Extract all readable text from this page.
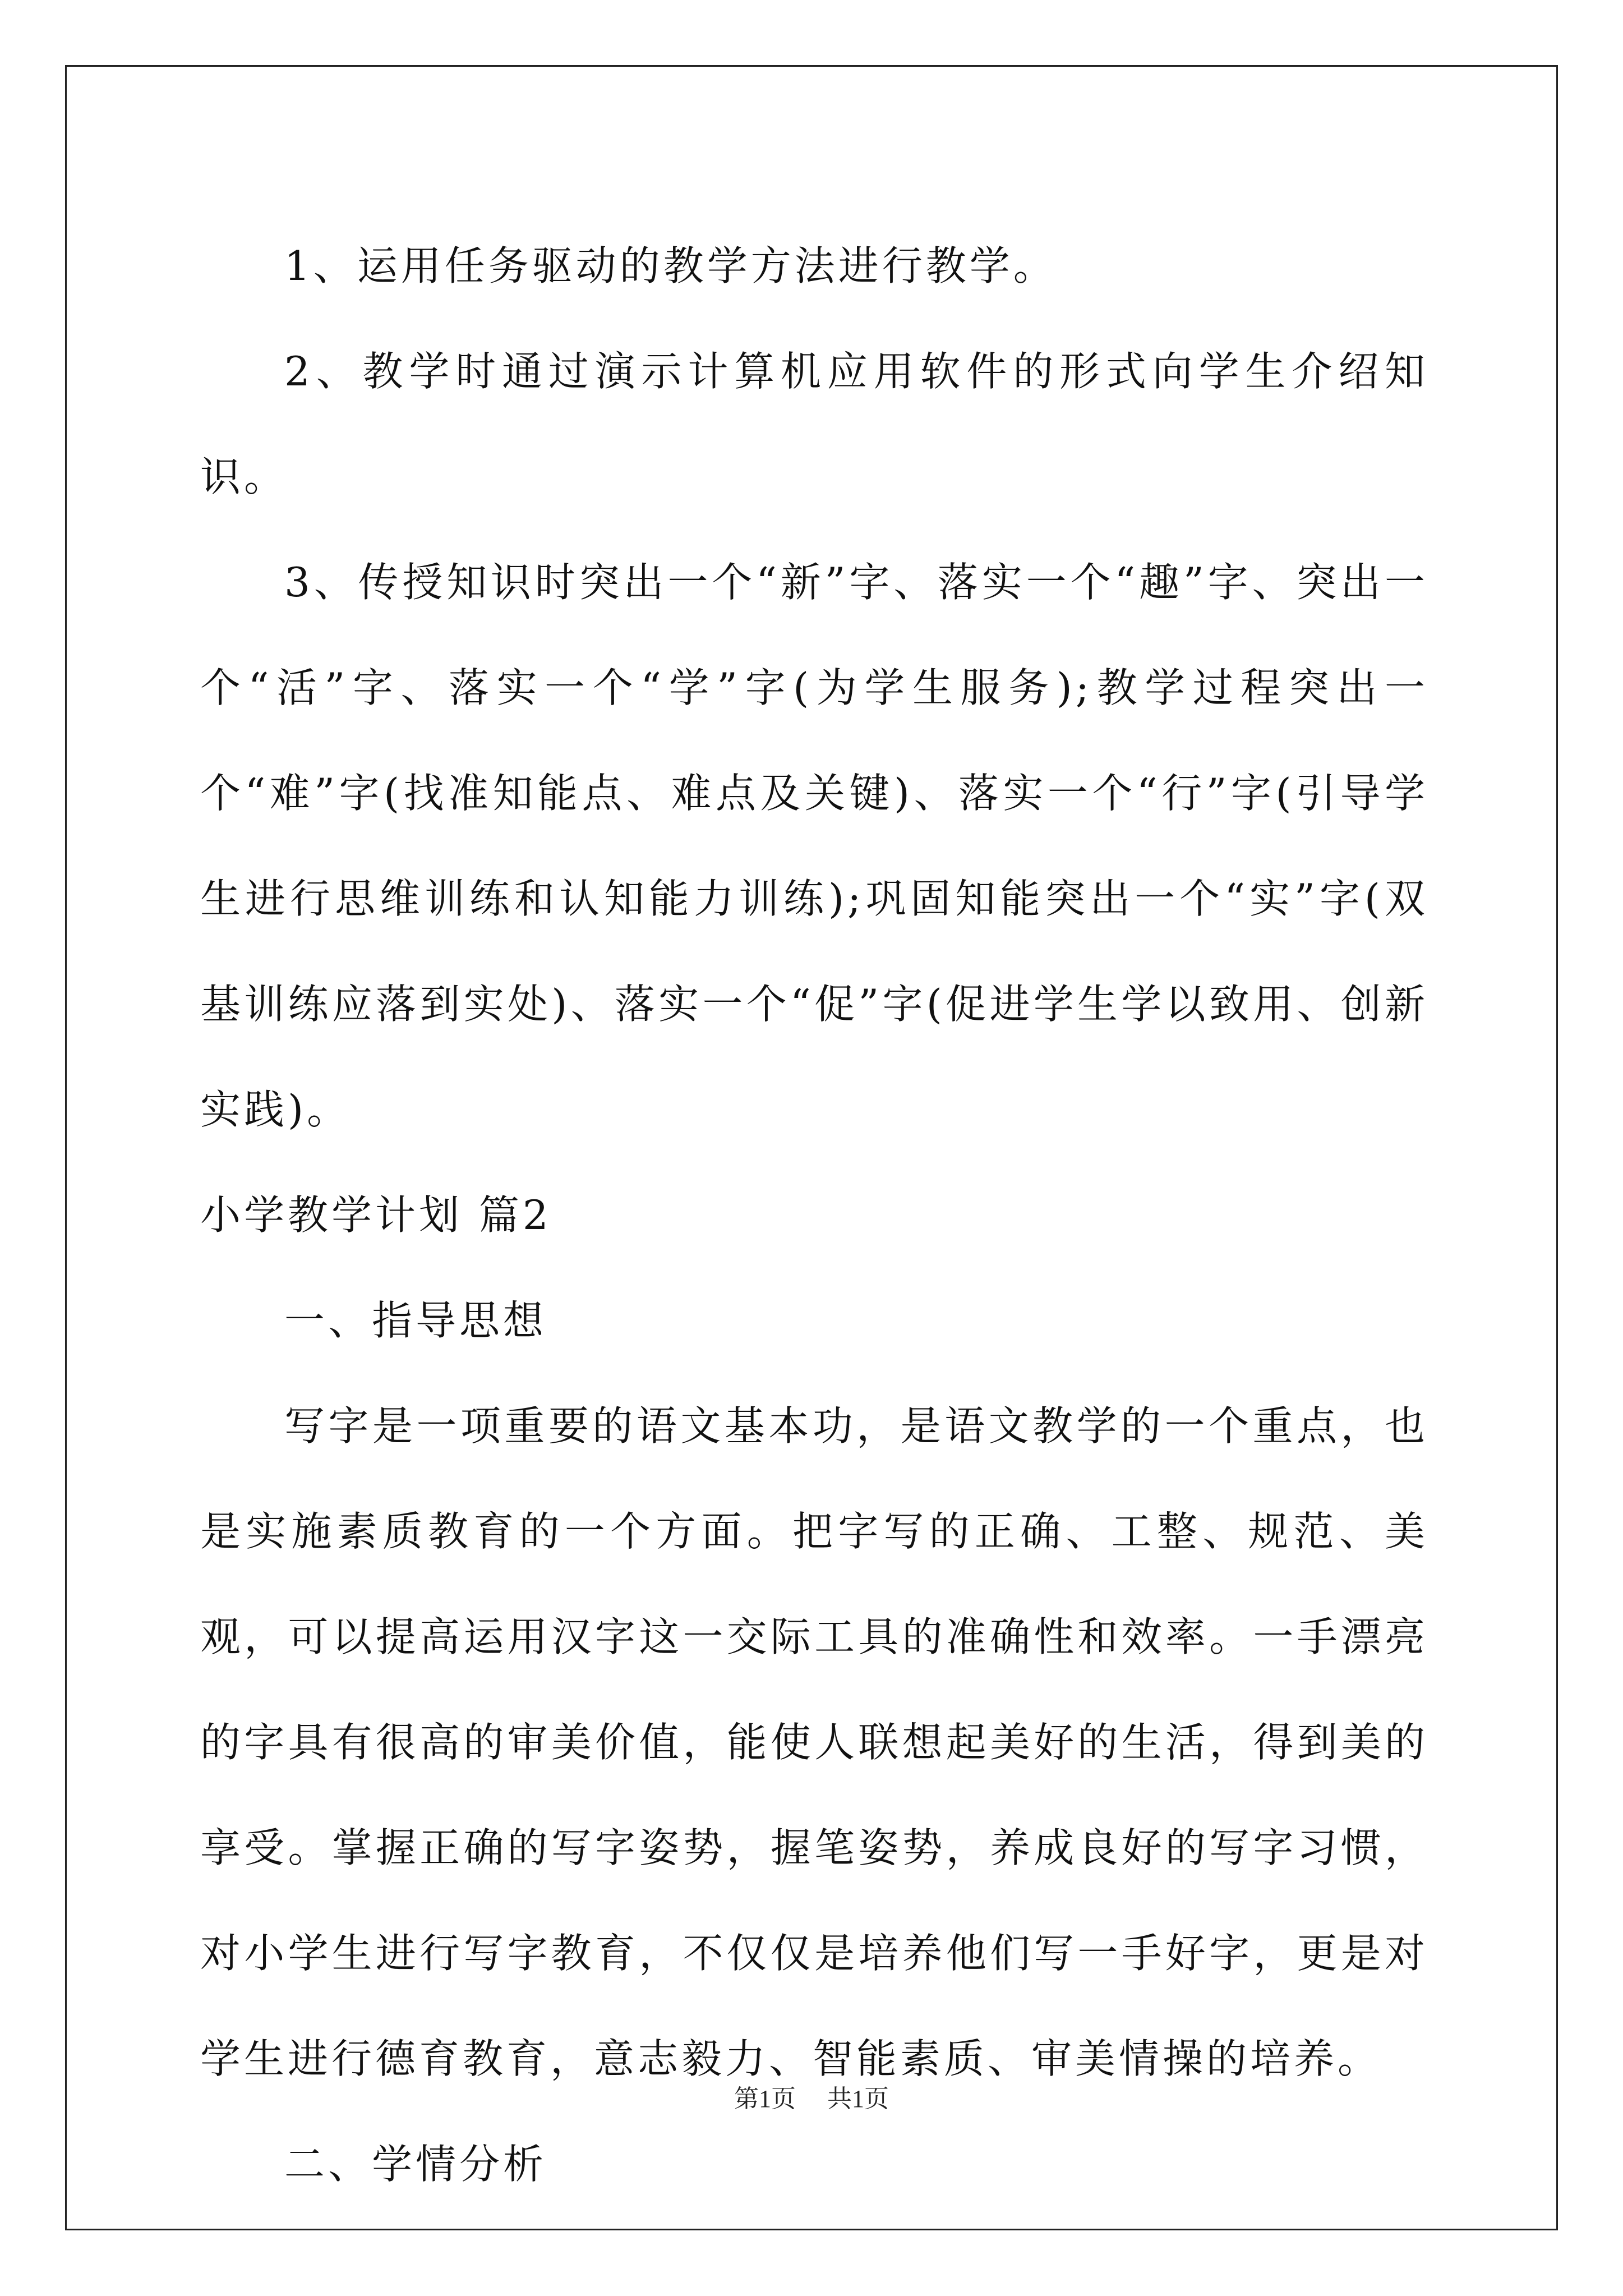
1、运用任务驱动的教学方法进行教学。

2、教学时通过演示计算机应用软件的形式向学生介绍知识。

3、传授知识时突出一个“新”字、落实一个“趣”字、突出一个“活”字、落实一个“学”字(为学生服务);教学过程突出一个“难”字(找准知能点、难点及关键)、落实一个“行”字(引导学生进行思维训练和认知能力训练);巩固知能突出一个“实”字(双基训练应落到实处)、落实一个“促”字(促进学生学以致用、创新实践)。

小学教学计划 篇2

一、指导思想

写字是一项重要的语文基本功，是语文教学的一个重点，也是实施素质教育的一个方面。把字写的正确、工整、规范、美观，可以提高运用汉字这一交际工具的准确性和效率。一手漂亮的字具有很高的审美价值，能使人联想起美好的生活，得到美的享受。掌握正确的写字姿势，握笔姿势，养成良好的写字习惯，对小学生进行写字教育，不仅仅是培养他们写一手好字，更是对学生进行德育教育，意志毅力、智能素质、审美情操的培养。

二、学情分析

第1页 共1页
